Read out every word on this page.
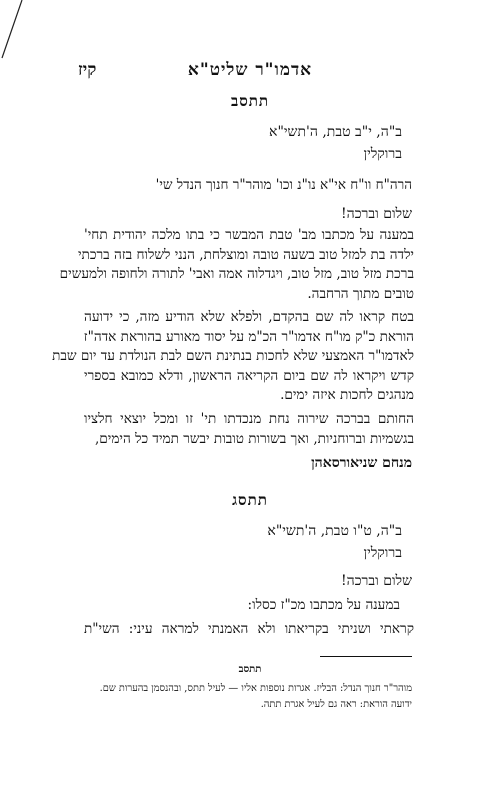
אדמו"ר שליט"א
קיז
תתסב
ב"ה, י"ב טבת, ה'תשי"א
ברוקלין
הרה"ח וו"ח אי"א נו"נ וכו' מוהר"ר חנוך הנדל שי'
שלום וברכה!
במענה על מכתבו מב' טבת המבשר כי בתו מלכה יהודית תחי'
ילדה בת למזל טוב בשעה טובה ומוצלחת, הנני לשלוח בזה ברכתי
ברכת מזל טוב, מזל טוב, ויגדלוה אמה ואבי' לתורה ולחופה ולמעשים
טובים מתוך הרחבה.
בטח קראו לה שם בהקדם, ולפלא שלא הודיע מזה, כי ידועה
הוראת כ"ק מו"ח אדמו"ר הכ"מ על יסוד מאורע בהוראת אדה"ז
לאדמו"ר האמצעי שלא לחכות בנתינת השם לבת הנולדת עד יום שבת
קדש ויקראו לה שם ביום הקריאה הראשון, ודלא כמובא בספרי
מנהגים לחכות איזה ימים.
החותם בברכה שירוה נחת מנכדתו תי' זו ומכל יוצאי חלציו
בגשמיות וברוחניות, ואך בשורות טובות יבשר תמיד כל הימים,
מנחם שניאורסאהן
תתסג
ב"ה, ט"ו טבת, ה'תשי"א
ברוקלין
שלום וברכה!
במענה על מכתבו מכ"ז כסלו:
קראתי ושניתי בקריאתו ולא האמנתי למראה עיני: השי"ת
תתסב
מוהר"ר חנוך הנדל: הבליז. אגרות נוספות אליו — לעיל תתס, ובהנסמן בהערות שם.
ידועה הוראת: ראה גם לעיל אגרת תתה.
